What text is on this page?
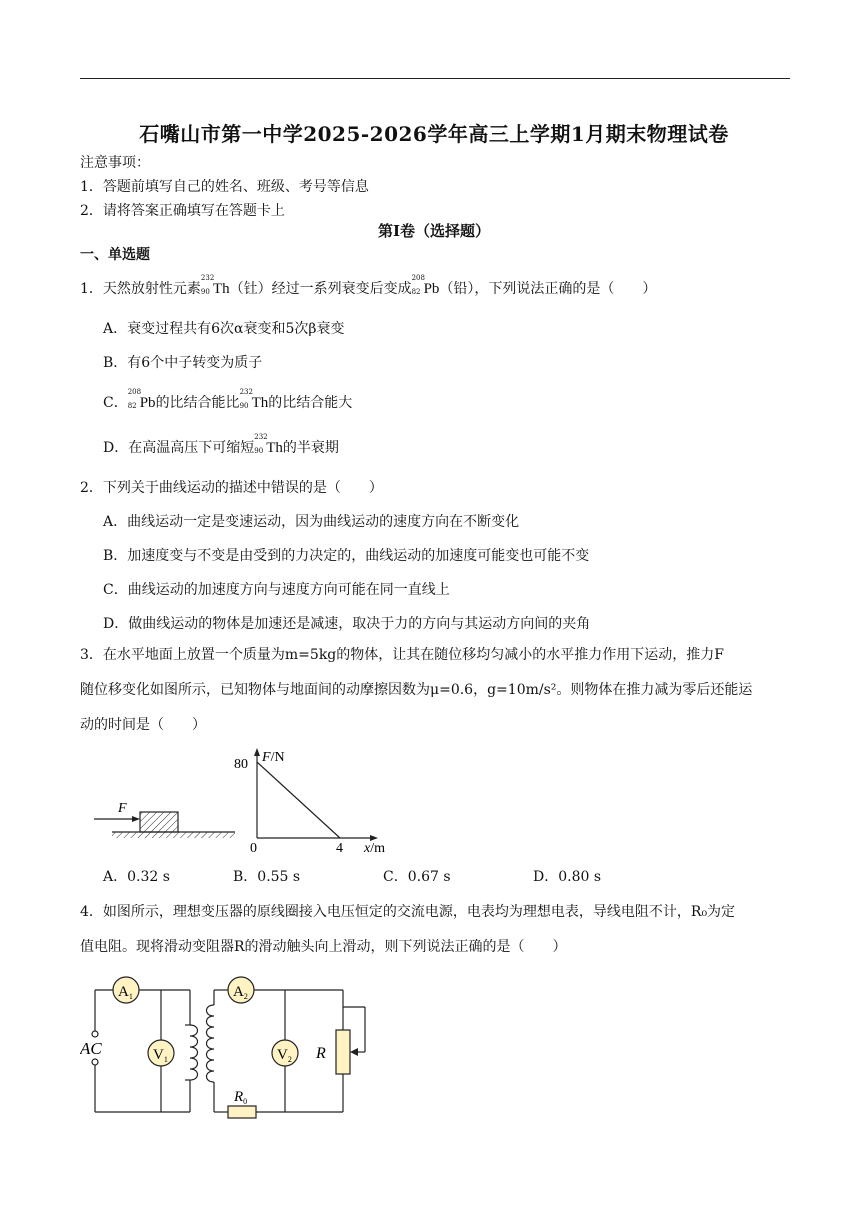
石嘴山市第一中学2025-2026学年高三上学期1月期末物理试卷
注意事项：
1．答题前填写自己的姓名、班级、考号等信息
2．请将答案正确填写在答题卡上
第I卷（选择题）
一、单选题
1．天然放射性元素
232
90 Th（钍）经过一系列衰变后变成
208
82 Pb（铅），下列说法正确的是（　　）
A．衰变过程共有6次α衰变和5次β衰变
B．有6个中子转变为质子
C．
208
82 Pb的比结合能比
232
90 Th的比结合能大
D．在高温高压下可缩短
232
90 Th的半衰期
2．下列关于曲线运动的描述中错误的是（　　）
A．曲线运动一定是变速运动，因为曲线运动的速度方向在不断变化
B．加速度变与不变是由受到的力决定的，曲线运动的加速度可能变也可能不变
C．曲线运动的加速度方向与速度方向可能在同一直线上
D．做曲线运动的物体是加速还是减速，取决于力的方向与其运动方向间的夹角
3．在水平地面上放置一个质量为m=5kg的物体，让其在随位移均匀减小的水平推力作用下运动，推力F
随位移变化如图所示，已知物体与地面间的动摩擦因数为μ=0.6，g=10m/s²。则物体在推力减为零后还能运
动的时间是（　　）
F
F/N
80
0	4 x/m
A．0.32 s	B．0.55 s	C．0.67 s	D．0.80 s
4．如图所示，理想变压器的原线圈接入电压恒定的交流电源，电表均为理想电表，导线电阻不计，R₀为定
值电阻。现将滑动变阻器R的滑动触头向上滑动，则下列说法正确的是（　　）
AC
$A_1$
$V_1$
$A_2$
$V_2$ R
$R_0$
